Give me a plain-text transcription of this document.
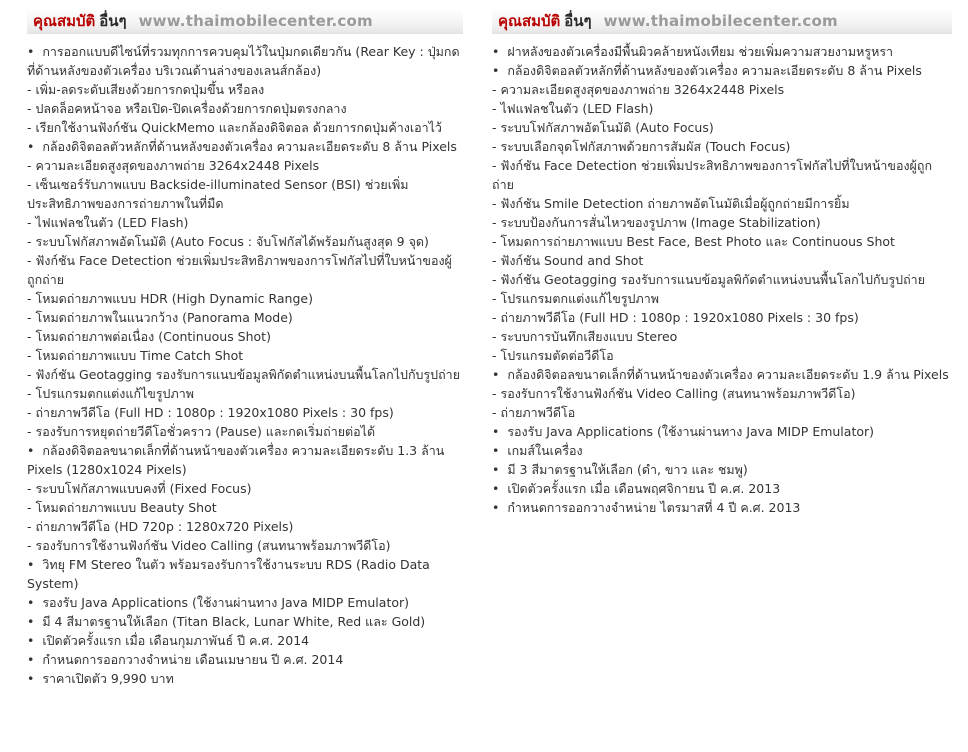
คุณสมบัติ อื่นๆ www.thaimobilecenter.com
•  การออกแบบดีไซน์ที่รวมทุกการควบคุมไว้ในปุ่มกดเดียวกัน (Rear Key : ปุ่มกดที่ด้านหลังของตัวเครื่อง บริเวณด้านล่างของเลนส์กล้อง)
- เพิ่ม-ลดระดับเสียงด้วยการกดปุ่มขึ้น หรือลง
- ปลดล็อคหน้าจอ หรือเปิด-ปิดเครื่องด้วยการกดปุ่มตรงกลาง
- เรียกใช้งานฟังก์ชัน QuickMemo และกล้องดิจิตอล ด้วยการกดปุ่มค้างเอาไว้
•  กล้องดิจิตอลตัวหลักที่ด้านหลังของตัวเครื่อง ความละเอียดระดับ 8 ล้าน Pixels
- ความละเอียดสูงสุดของภาพถ่าย 3264x2448 Pixels
- เซ็นเซอร์รับภาพแบบ Backside-illuminated Sensor (BSI) ช่วยเพิ่มประสิทธิภาพของการถ่ายภาพในที่มืด
- ไฟแฟลชในตัว (LED Flash)
- ระบบโฟกัสภาพอัตโนมัติ (Auto Focus : จับโฟกัสได้พร้อมกันสูงสุด 9 จุด)
- ฟังก์ชัน Face Detection ช่วยเพิ่มประสิทธิภาพของการโฟกัสไปที่ใบหน้าของผู้ถูกถ่าย
- โหมดถ่ายภาพแบบ HDR (High Dynamic Range)
- โหมดถ่ายภาพในแนวกว้าง (Panorama Mode)
- โหมดถ่ายภาพต่อเนื่อง (Continuous Shot)
- โหมดถ่ายภาพแบบ Time Catch Shot
- ฟังก์ชัน Geotagging รองรับการแนบข้อมูลพิกัดตำแหน่งบนพื้นโลกไปกับรูปถ่าย
- โปรแกรมตกแต่งแก้ไขรูปภาพ
- ถ่ายภาพวีดีโอ (Full HD : 1080p : 1920x1080 Pixels : 30 fps)
- รองรับการหยุดถ่ายวีดีโอชั่วคราว (Pause) และกดเริ่มถ่ายต่อได้
•  กล้องดิจิตอลขนาดเล็กที่ด้านหน้าของตัวเครื่อง ความละเอียดระดับ 1.3 ล้าน Pixels (1280x1024 Pixels)
- ระบบโฟกัสภาพแบบคงที่ (Fixed Focus)
- โหมดถ่ายภาพแบบ Beauty Shot
- ถ่ายภาพวีดีโอ (HD 720p : 1280x720 Pixels)
- รองรับการใช้งานฟังก์ชัน Video Calling (สนทนาพร้อมภาพวีดีโอ)
•  วิทยุ FM Stereo ในตัว พร้อมรองรับการใช้งานระบบ RDS (Radio Data System)
•  รองรับ Java Applications (ใช้งานผ่านทาง Java MIDP Emulator)
•  มี 4 สีมาตรฐานให้เลือก (Titan Black, Lunar White, Red และ Gold)
•  เปิดตัวครั้งแรก เมื่อ เดือนกุมภาพันธ์ ปี ค.ศ. 2014
•  กำหนดการออกวางจำหน่าย เดือนเมษายน ปี ค.ศ. 2014
•  ราคาเปิดตัว 9,990 บาท
คุณสมบัติ อื่นๆ www.thaimobilecenter.com
•  ฝาหลังของตัวเครื่องมีพื้นผิวคล้ายหนังเทียม ช่วยเพิ่มความสวยงามหรูหรา
•  กล้องดิจิตอลตัวหลักที่ด้านหลังของตัวเครื่อง ความละเอียดระดับ 8 ล้าน Pixels
- ความละเอียดสูงสุดของภาพถ่าย 3264x2448 Pixels
- ไฟแฟลชในตัว (LED Flash)
- ระบบโฟกัสภาพอัตโนมัติ (Auto Focus)
- ระบบเลือกจุดโฟกัสภาพด้วยการสัมผัส (Touch Focus)
- ฟังก์ชัน Face Detection ช่วยเพิ่มประสิทธิภาพของการโฟกัสไปที่ใบหน้าของผู้ถูกถ่าย
- ฟังก์ชัน Smile Detection ถ่ายภาพอัตโนมัติเมื่อผู้ถูกถ่ายมีการยิ้ม
- ระบบป้องกันการสั่นไหวของรูปภาพ (Image Stabilization)
- โหมดการถ่ายภาพแบบ Best Face, Best Photo และ Continuous Shot
- ฟังก์ชัน Sound and Shot
- ฟังก์ชัน Geotagging รองรับการแนบข้อมูลพิกัดตำแหน่งบนพื้นโลกไปกับรูปถ่าย
- โปรแกรมตกแต่งแก้ไขรูปภาพ
- ถ่ายภาพวีดีโอ (Full HD : 1080p : 1920x1080 Pixels : 30 fps)
- ระบบการบันทึกเสียงแบบ Stereo
- โปรแกรมตัดต่อวีดีโอ
•  กล้องดิจิตอลขนาดเล็กที่ด้านหน้าของตัวเครื่อง ความละเอียดระดับ 1.9 ล้าน Pixels
- รองรับการใช้งานฟังก์ชัน Video Calling (สนทนาพร้อมภาพวีดีโอ)
- ถ่ายภาพวีดีโอ
•  รองรับ Java Applications (ใช้งานผ่านทาง Java MIDP Emulator)
•  เกมส์ในเครื่อง
•  มี 3 สีมาตรฐานให้เลือก (ดำ, ขาว และ ชมพู)
•  เปิดตัวครั้งแรก เมื่อ เดือนพฤศจิกายน ปี ค.ศ. 2013
•  กำหนดการออกวางจำหน่าย ไตรมาสที่ 4 ปี ค.ศ. 2013
